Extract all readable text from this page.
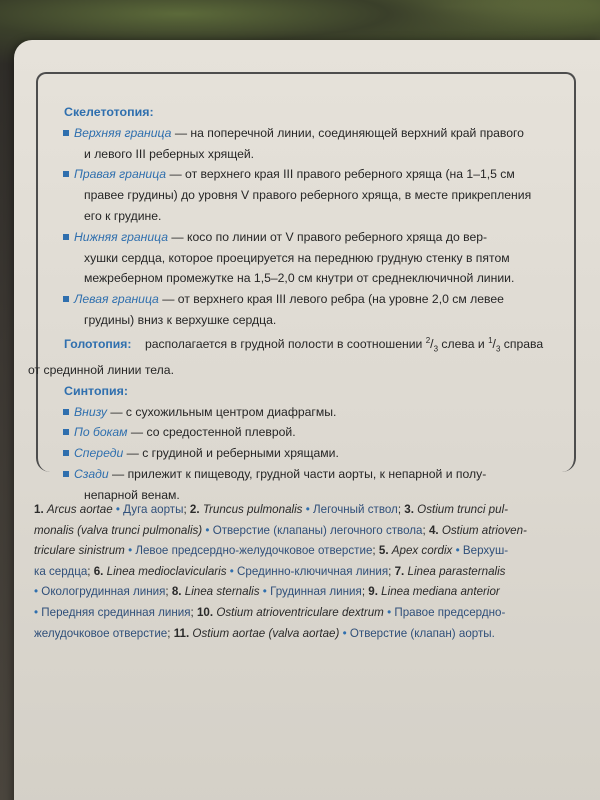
Скелетотопия:
Верхняя граница — на поперечной линии, соединяющей верхний край правого
и левого III реберных хрящей.
Правая граница — от верхнего края III правого реберного хряща (на 1–1,5 см
правее грудины) до уровня V правого реберного хряща, в месте прикрепления
его к грудине.
Нижняя граница — косо по линии от V правого реберного хряща до вер-
хушки сердца, которое проецируется на переднюю грудную стенку в пятом
межреберном промежутке на 1,5–2,0 см кнутри от среднеключичной линии.
Левая граница — от верхнего края III левого ребра (на уровне 2,0 см левее
грудины) вниз к верхушке сердца.
Голотопия: располагается в грудной полости в соотношении $^2/_3$ слева и $^1/_3$ справа
от срединной линии тела.
Синтопия:
Внизу — с сухожильным центром диафрагмы.
По бокам — со средостенной плеврой.
Спереди — с грудиной и реберными хрящами.
Сзади — прилежит к пищеводу, грудной части аорты, к непарной и полу-
непарной венам.
1. Arcus aortae • Дуга аорты; 2. Truncus pulmonalis • Легочный ствол; 3. Ostium trunci pul-
monalis (valva trunci pulmonalis) • Отверстие (клапаны) легочного ствола; 4. Ostium atrioven-
triculare sinistrum • Левое предсердно-желудочковое отверстие; 5. Apex cordix • Верхуш-
ка сердца; 6. Linea medioclavicularis • Срединно-ключичная линия; 7. Linea parasternalis
• Окологрудинная линия; 8. Linea sternalis • Грудинная линия; 9. Linea mediana anterior
• Передняя срединная линия; 10. Ostium atrioventriculare dextrum • Правое предсердно-
желудочковое отверстие; 11. Ostium aortae (valva aortae) • Отверстие (клапан) аорты.
